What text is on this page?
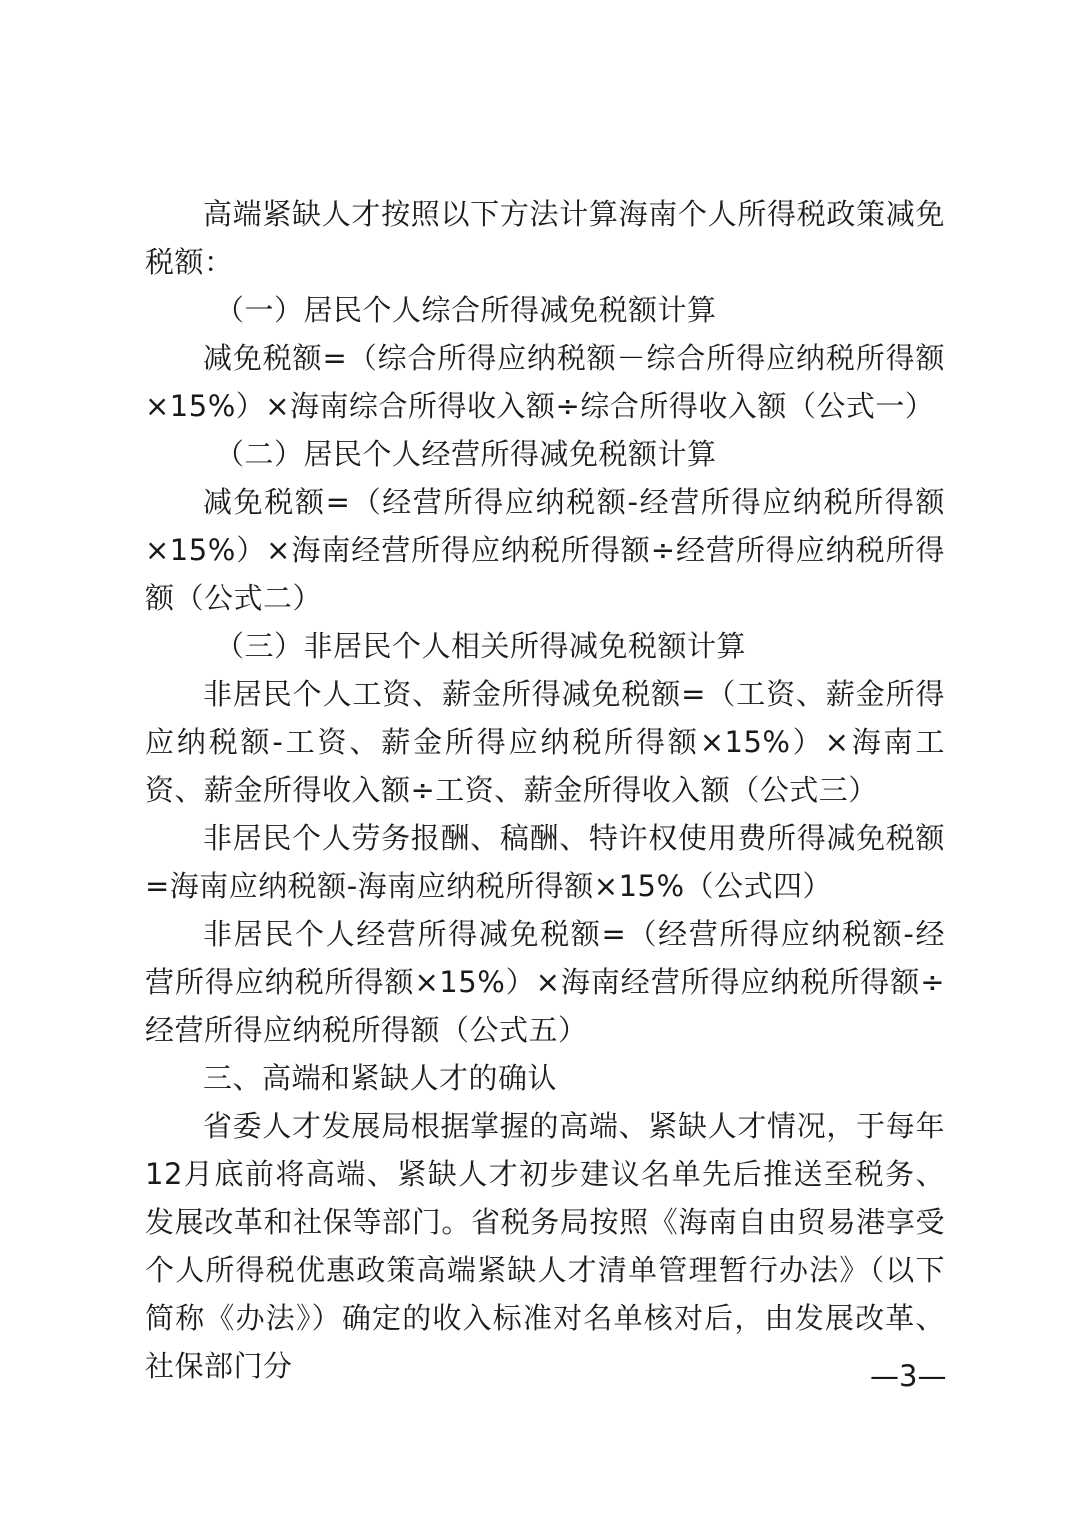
高端紧缺人才按照以下方法计算海南个人所得税政策减免税额：

（一）居民个人综合所得减免税额计算

减免税额=（综合所得应纳税额－综合所得应纳税所得额×15%）×海南综合所得收入额÷综合所得收入额（公式一）

（二）居民个人经营所得减免税额计算

减免税额=（经营所得应纳税额-经营所得应纳税所得额×15%）×海南经营所得应纳税所得额÷经营所得应纳税所得额（公式二）

（三）非居民个人相关所得减免税额计算

非居民个人工资、薪金所得减免税额=（工资、薪金所得应纳税额-工资、薪金所得应纳税所得额×15%）×海南工资、薪金所得收入额÷工资、薪金所得收入额（公式三）

非居民个人劳务报酬、稿酬、特许权使用费所得减免税额=海南应纳税额-海南应纳税所得额×15%（公式四）

非居民个人经营所得减免税额=（经营所得应纳税额-经营所得应纳税所得额×15%）×海南经营所得应纳税所得额÷经营所得应纳税所得额（公式五）

三、高端和紧缺人才的确认

省委人才发展局根据掌握的高端、紧缺人才情况，于每年12月底前将高端、紧缺人才初步建议名单先后推送至税务、发展改革和社保等部门。省税务局按照《海南自由贸易港享受个人所得税优惠政策高端紧缺人才清单管理暂行办法》（以下简称《办法》）确定的收入标准对名单核对后，由发展改革、社保部门分	—3—
